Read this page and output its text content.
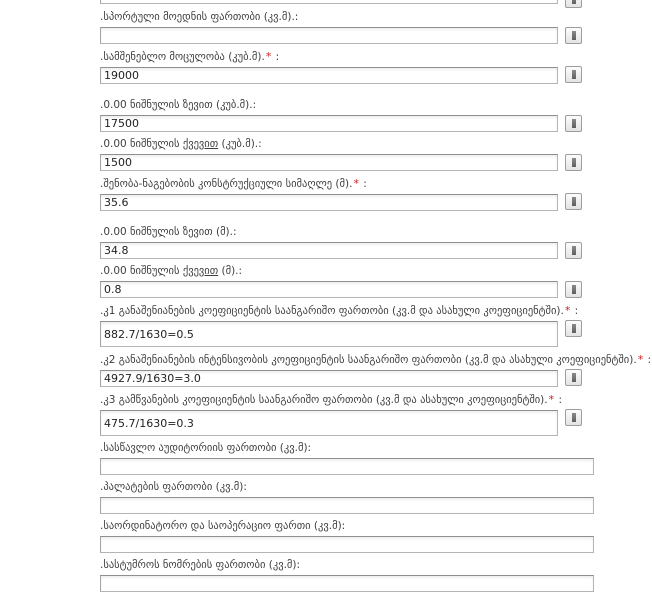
.სპორტული მოედნის ფართობი (კვ.მ).:
.სამშენებლო მოცულობა (კუბ.მ).* :
19000
.0.00 ნიშნულის ზევით (კუბ.მ).:
17500
.0.00 ნიშნულის ქვევით (კუბ.მ).:
1500
.შენობა-ნაგებობის კონსტრუქციული სიმაღლე (მ).* :
35.6
.0.00 ნიშნულის ზევით (მ).:
34.8
.0.00 ნიშნულის ქვევით (მ).:
0.8
.კ1 განაშენიანების კოეფიციენტის საანგარიშო ფართობი (კვ.მ და ასახული კოეფიციენტში).* :
882.7/1630=0.5
.კ2 განაშენიანების ინტენსივობის კოეფიციენტის საანგარიშო ფართობი (კვ.მ და ასახული კოეფიციენტში).* :
4927.9/1630=3.0
.კ3 გამწვანების კოეფიციენტის საანგარიშო ფართობი (კვ.მ და ასახული კოეფიციენტში).* :
475.7/1630=0.3
.სასწავლო აუდიტორიის ფართობი (კვ.მ):
.პალატების ფართობი (კვ.მ):
.საორდინატორო და საოპერაციო ფართი (კვ.მ):
.სასტუმროს ნომრების ფართობი (კვ.მ):
